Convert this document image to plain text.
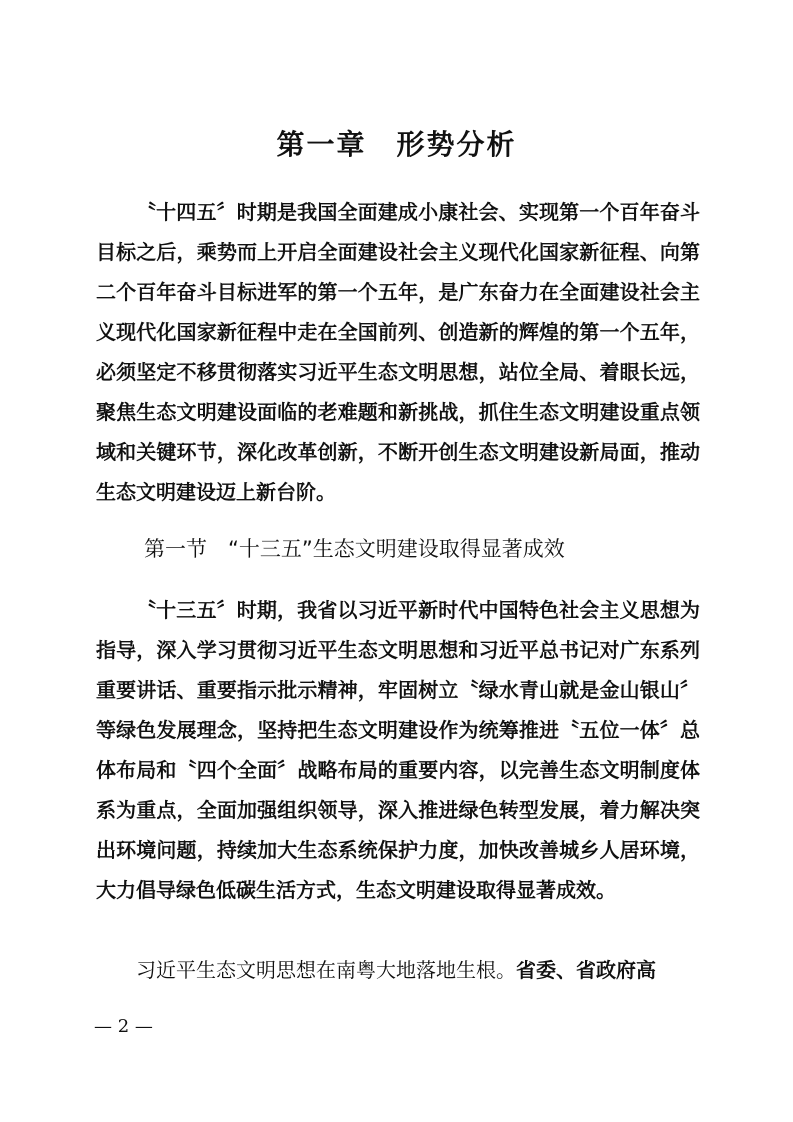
第一章　形势分析

〝十四五〞时期是我国全面建成小康社会、实现第一个百年奋斗目标之后，乘势而上开启全面建设社会主义现代化国家新征程、向第二个百年奋斗目标进军的第一个五年，是广东奋力在全面建设社会主义现代化国家新征程中走在全国前列、创造新的辉煌的第一个五年，必须坚定不移贯彻落实习近平生态文明思想，站位全局、着眼长远，聚焦生态文明建设面临的老难题和新挑战，抓住生态文明建设重点领域和关键环节，深化改革创新，不断开创生态文明建设新局面，推动生态文明建设迈上新台阶。

第一节　“十三五”生态文明建设取得显著成效

〝十三五〞时期，我省以习近平新时代中国特色社会主义思想为指导，深入学习贯彻习近平生态文明思想和习近平总书记对广东系列重要讲话、重要指示批示精神，牢固树立〝绿水青山就是金山银山〞等绿色发展理念，坚持把生态文明建设作为统筹推进〝五位一体〞总体布局和〝四个全面〞战略布局的重要内容，以完善生态文明制度体系为重点，全面加强组织领导，深入推进绿色转型发展，着力解决突出环境问题，持续加大生态系统保护力度，加快改善城乡人居环境，大力倡导绿色低碳生活方式，生态文明建设取得显著成效。

习近平生态文明思想在南粤大地落地生根。省委、省政府高

— 2 —
